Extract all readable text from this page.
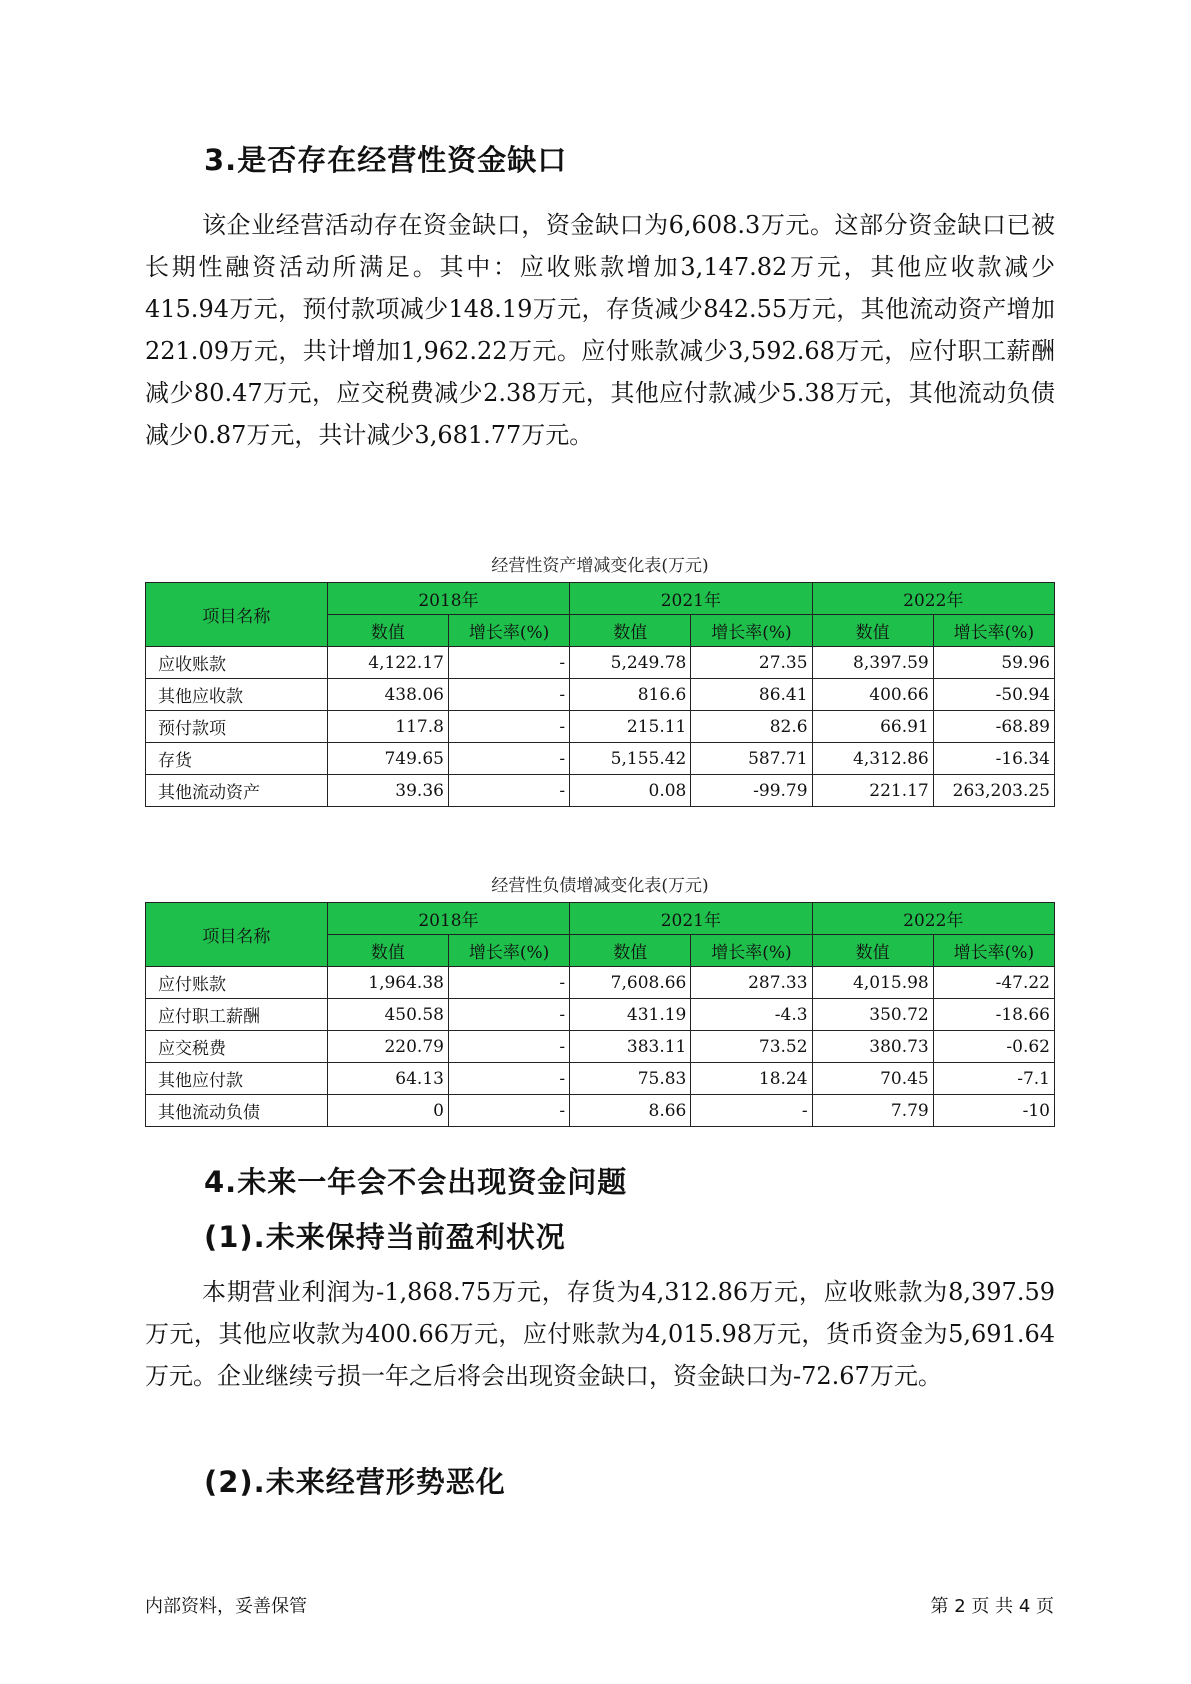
3.是否存在经营性资金缺口

该企业经营活动存在资金缺口，资金缺口为6,608.3万元。这部分资金缺口已被长期性融资活动所满足。其中：应收账款增加3,147.82万元，其他应收款减少415.94万元，预付款项减少148.19万元，存货减少842.55万元，其他流动资产增加221.09万元，共计增加1,962.22万元。应付账款减少3,592.68万元，应付职工薪酬减少80.47万元，应交税费减少2.38万元，其他应付款减少5.38万元，其他流动负债减少0.87万元，共计减少3,681.77万元。

经营性资产增减变化表(万元)
项目名称	2018年		2021年		2022年	
	数值	增长率(%)	数值	增长率(%)	数值	增长率(%)
应收账款	4,122.17	-	5,249.78	27.35	8,397.59	59.96
其他应收款	438.06	-	816.6	86.41	400.66	-50.94
预付款项	117.8	-	215.11	82.6	66.91	-68.89
存货	749.65	-	5,155.42	587.71	4,312.86	-16.34
其他流动资产	39.36	-	0.08	-99.79	221.17	263,203.25
经营性负债增减变化表(万元)
项目名称	2018年		2021年		2022年	
	数值	增长率(%)	数值	增长率(%)	数值	增长率(%)
应付账款	1,964.38	-	7,608.66	287.33	4,015.98	-47.22
应付职工薪酬	450.58	-	431.19	-4.3	350.72	-18.66
应交税费	220.79	-	383.11	73.52	380.73	-0.62
其他应付款	64.13	-	75.83	18.24	70.45	-7.1
其他流动负债	0	-	8.66	-	7.79	-10
4.未来一年会不会出现资金问题
(1).未来保持当前盈利状况

本期营业利润为-1,868.75万元，存货为4,312.86万元，应收账款为8,397.59万元，其他应收款为400.66万元，应付账款为4,015.98万元，货币资金为5,691.64万元。企业继续亏损一年之后将会出现资金缺口，资金缺口为-72.67万元。

(2).未来经营形势恶化
内部资料，妥善保管	第 2 页 共 4 页
